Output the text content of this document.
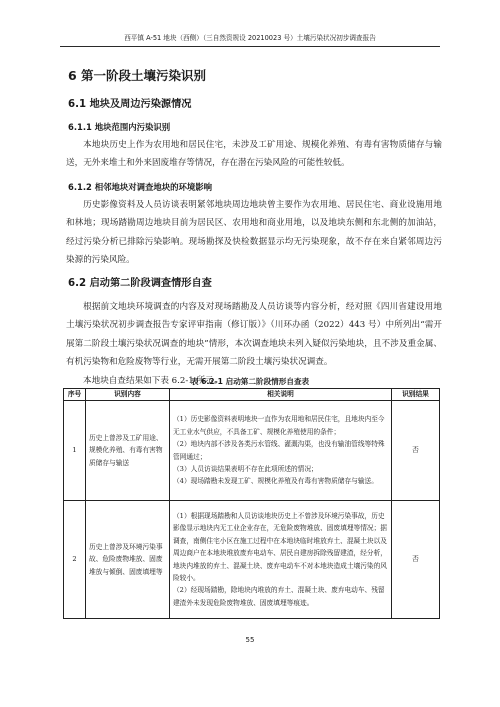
西平镇 A-51 地块（西侧）（三自然资规设 20210023 号）土壤污染状况初步调查报告
6 第一阶段土壤污染识别
6.1 地块及周边污染源情况
6.1.1 地块范围内污染识别
本地块历史上作为农用地和居民住宅，未涉及工矿用途、规模化养殖、有毒有害物质储存与输送，无外来堆土和外来固废堆存等情况，存在潜在污染风险的可能性较低。
6.1.2 相邻地块对调查地块的环境影响
历史影像资料及人员访谈表明紧邻地块周边地块曾主要作为农用地、居民住宅、商业设施用地和林地；现场踏勘周边地块目前为居民区、农用地和商业用地，以及地块东侧和东北侧的加油站，经过污染分析已排除污染影响。现场勘探及快检数据显示均无污染现象，故不存在来自紧邻周边污染源的污染风险。
6.2 启动第二阶段调查情形自查
根据前文地块环境调查的内容及对现场踏勘及人员访谈等内容分析，经对照《四川省建设用地土壤污染状况初步调查报告专家评审指南（修订版）》（川环办函（2022）443 号）中所列出“需开展第二阶段土壤污染状况调查的地块”情形，本次调查地块未列入疑似污染地块，且不涉及重金属、有机污染物和危险废物等行业，无需开展第二阶段土壤污染状况调查。
本地块自查结果如下表 6.2-1 所示。
表 6.2-1 启动第二阶段情形自查表
序号	识别内容	相关说明	识别结果
1	历史上曾涉及工矿用途、规模化养殖、有毒有害物质储存与输送	（1）历史影像资料表明地块一直作为农用地和居民住宅，且地块内至今无工业水气供应，不具备工矿、规模化养殖使用的条件；
（2）地块内部不涉及各类污水管线、灌溉沟渠，也没有输油管线等特殊管网通过；
（3）人员访谈结果表明不存在此项所述的情况；
（4）现场踏勘未发现工矿、规模化养殖及有毒有害物质储存与输送。	否
2	历史上曾涉及环境污染事故、危险废物堆放、固废堆放与倾倒、固废填埋等	（1）根据现场踏勘和人员访谈地块历史上不曾涉及环境污染事故，历史影像显示地块内无工业企业存在，无危险废物堆放、固废填埋等情况；据调查，南侧住宅小区在施工过程中在本地块临时堆放弃土、混凝土块以及周边商户在本地块堆放废弃电动车、居民自建房拆除残留建渣，经分析，地块内堆放的弃土、混凝土块、废弃电动车不对本地块造成土壤污染的风险较小。
（2）经现场踏勘，除地块内堆放的弃土、混凝土块、废弃电动车、残留建渣外未发现危险废物堆放、固废填埋等痕迹。	否
55
